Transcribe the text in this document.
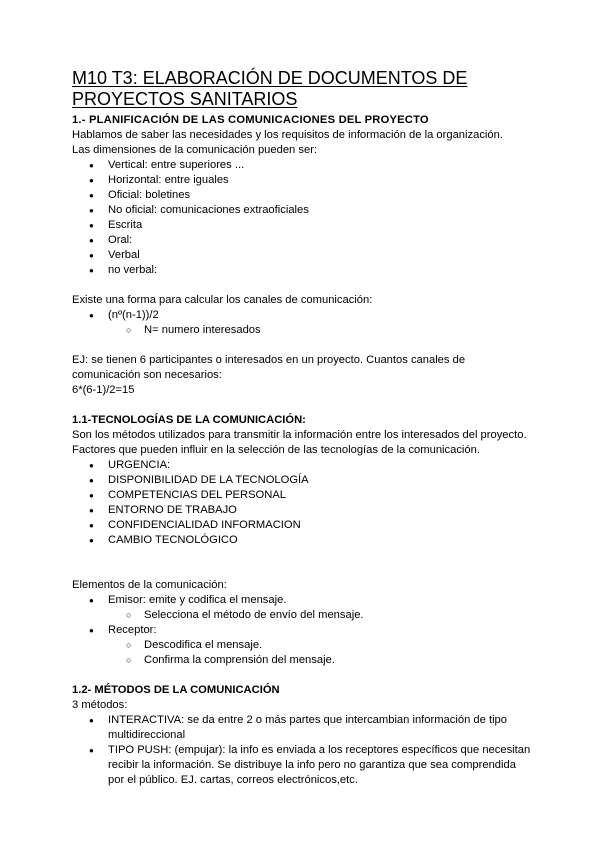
M10 T3: ELABORACIÓN DE DOCUMENTOS DE
PROYECTOS SANITARIOS

1.- PLANIFICACIÓN DE LAS COMUNICACIONES DEL PROYECTO

Hablamos de saber las necesidades y los requisitos de información de la organización.

Las dimensiones de la comunicación pueden ser:

● Vertical: entre superiores ...
● Horizontal: entre iguales
● Oficial: boletines
● No oficial: comunicaciones extraoficiales
● Escrita
● Oral:
● Verbal
● no verbal:

Existe una forma para calcular los canales de comunicación:

● (nº(n-1))/2
○ N= numero interesados

EJ: se tienen 6 participantes o interesados en un proyecto. Cuantos canales de

comunicación son necesarios:

6*(6-1)/2=15

1.1-TECNOLOGÍAS DE LA COMUNICACIÓN:

Son los métodos utilizados para transmitir la información entre los interesados del proyecto.

Factores que pueden influir en la selección de las tecnologías de la comunicación.

● URGENCIA:
● DISPONIBILIDAD DE LA TECNOLOGÍA
● COMPETENCIAS DEL PERSONAL
● ENTORNO DE TRABAJO
● CONFIDENCIALIDAD INFORMACION
● CAMBIO TECNOLÓGICO

Elementos de la comunicación:

● Emisor: emite y codifica el mensaje.
○ Selecciona el método de envío del mensaje.
● Receptor:
○ Descodifica el mensaje.
○ Confirma la comprensión del mensaje.

1.2- MÉTODOS DE LA COMUNICACIÓN

3 métodos:

● INTERACTIVA: se da entre 2 o más partes que intercambian información de tipo
multidireccional
● TIPO PUSH: (empujar): la info es enviada a los receptores específicos que necesitan
recibir la información. Se distribuye la info pero no garantiza que sea comprendida
por el público. EJ. cartas, correos electrónicos,etc.
